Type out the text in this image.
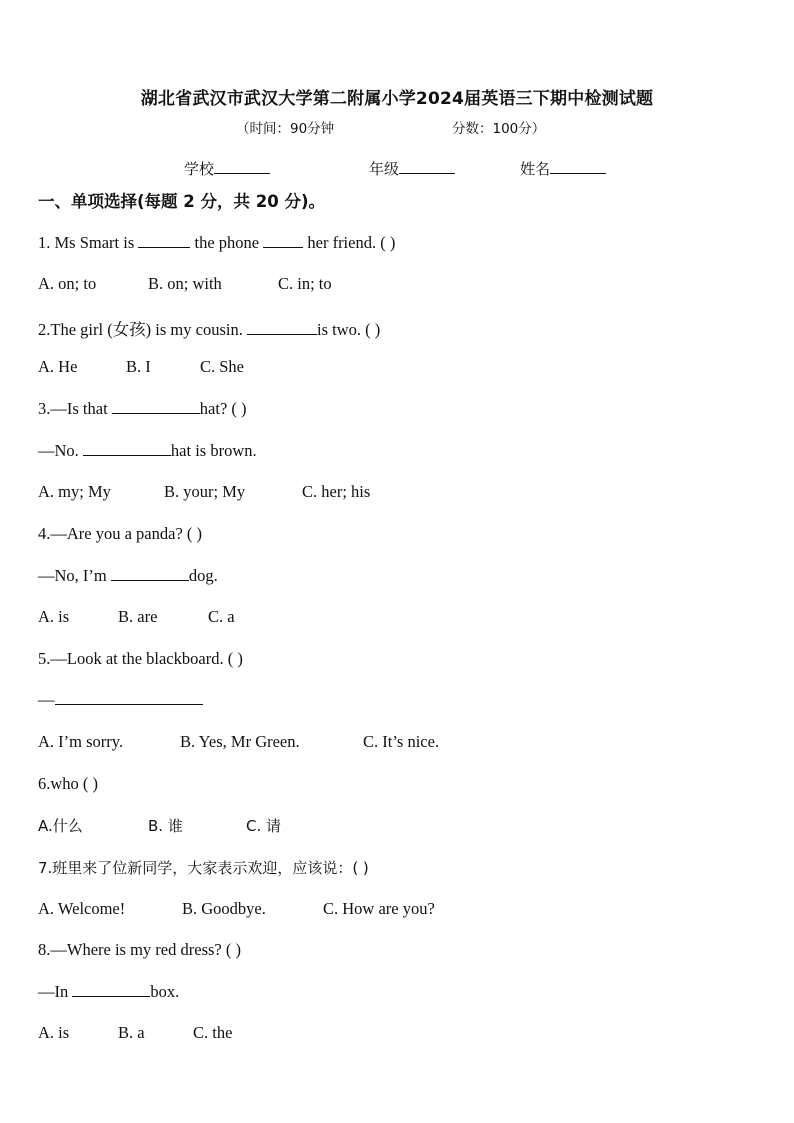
湖北省武汉市武汉大学第二附属小学2024届英语三下期中检测试题
（时间：90分钟	分数：100分）
学校	年级	姓名
一、单项选择(每题 2 分，共 20 分)。
1. Ms Smart is	the phone  her friend. ( )
A. on; to	B. on; with	C. in; to
2.The girl (女孩) is my cousin.	is two. ( )
A. He	B. I	C. She
3.—Is that	hat? ( )
—No.	hat is brown.
A. my; My	B. your; My	C. her; his
4.—Are you a panda? ( )
—No, I’m	dog.
A. is	B. are	C. a
5.—Look at the blackboard. ( )
—
A. I’m sorry.	B. Yes, Mr Green.	C. It’s nice.
6.who ( )
A.什么	B. 谁	C. 请
7.班里来了位新同学，大家表示欢迎，应该说：( )
A. Welcome!	B. Goodbye.	C. How are you?
8.—Where is my red dress? ( )
—In	box.
A. is	B. a	C. the
